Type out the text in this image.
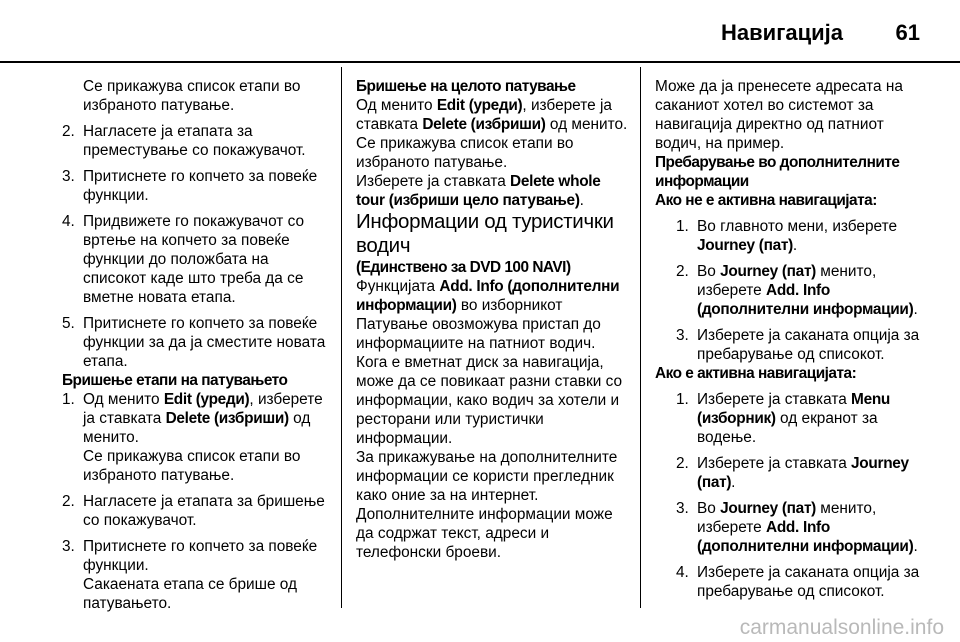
Навигација 61

Се прикажува список етапи во избраното патување.

2. Нагласете ја етапата за преместување со покажувачот.
3. Притиснете го копчето за повеќе функции.
4. Придвижете го покажувачот со вртење на копчето за повеќе функции до положбата на списокот каде што треба да се вметне новата етапа.
5. Притиснете го копчето за повеќе функции за да ја сместите новата етапа.

Бришење етапи на патувањето

1. Од менито Edit (уреди), изберете ја ставката Delete (избриши) од менито.

Се прикажува список етапи во избраното патување.

2. Нагласете ја етапата за бришење со покажувачот.
3. Притиснете го копчето за повеќе функции.

Сакаената етапа се брише од патувањето.

Бришење на целото патување

Од менито Edit (уреди), изберете ја ставката Delete (избриши) од менито.

Се прикажува список етапи во избраното патување.

Изберете ја ставката Delete whole tour (избриши цело патување).

Информации од туристички водич

(Единствено за DVD 100 NAVI)

Функцијата Add. Info (дополнителни информации) во изборникот Патување овозможува пристап до информациите на патниот водич. Кога е вметнат диск за навигација, може да се повикаат разни ставки со информации, како водич за хотели и ресторани или туристички информации.

За прикажување на дополнителните информации се користи прегледник како оние за на интернет.

Дополнителните информации може да содржат текст, адреси и телефонски броеви.

Може да ја пренесете адресата на саканиот хотел во системот за навигација директно од патниот водич, на пример.

Пребарување во дополнителните информации

Ако не е активна навигацијата:

1. Во главното мени, изберете Journey (пат).
2. Во Journey (пат) менито, изберете Add. Info (дополнителни информации).
3. Изберете ја саканата опција за пребарување од списокот.

Ако е активна навигацијата:

1. Изберете ја ставката Menu (изборник) од екранот за водење.
2. Изберете ја ставката Journey (пат).
3. Во Journey (пат) менито, изберете Add. Info (дополнителни информации).
4. Изберете ја саканата опција за пребарување од списокот.
carmanualsonline.info
